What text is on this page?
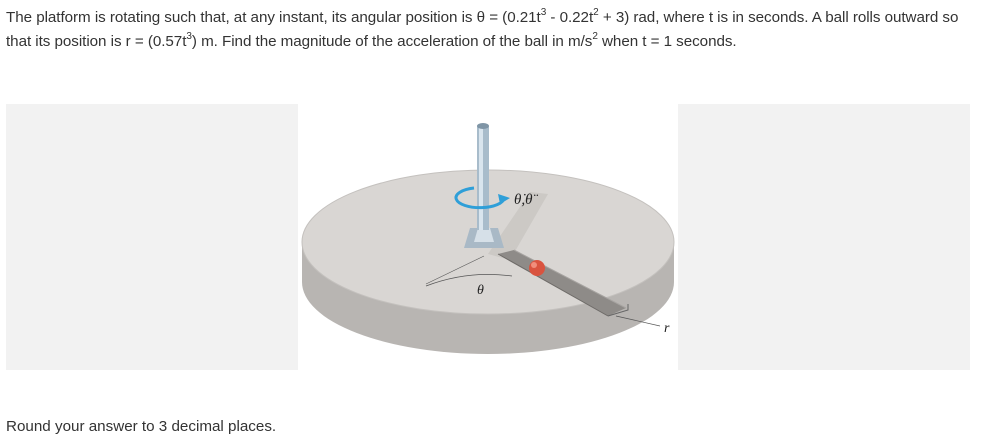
The platform is rotating such that, at any instant, its angular position is $\theta = (0.21t^3 - 0.22t^2 + 3)$ rad, where t is in seconds. A ball rolls outward so that its position is $r = (0.57t^3)$ m. Find the magnitude of the acceleration of the ball in $m/s^2$ when t = 1 seconds.
θ̇,θ̈
θ
r
Round your answer to 3 decimal places.
